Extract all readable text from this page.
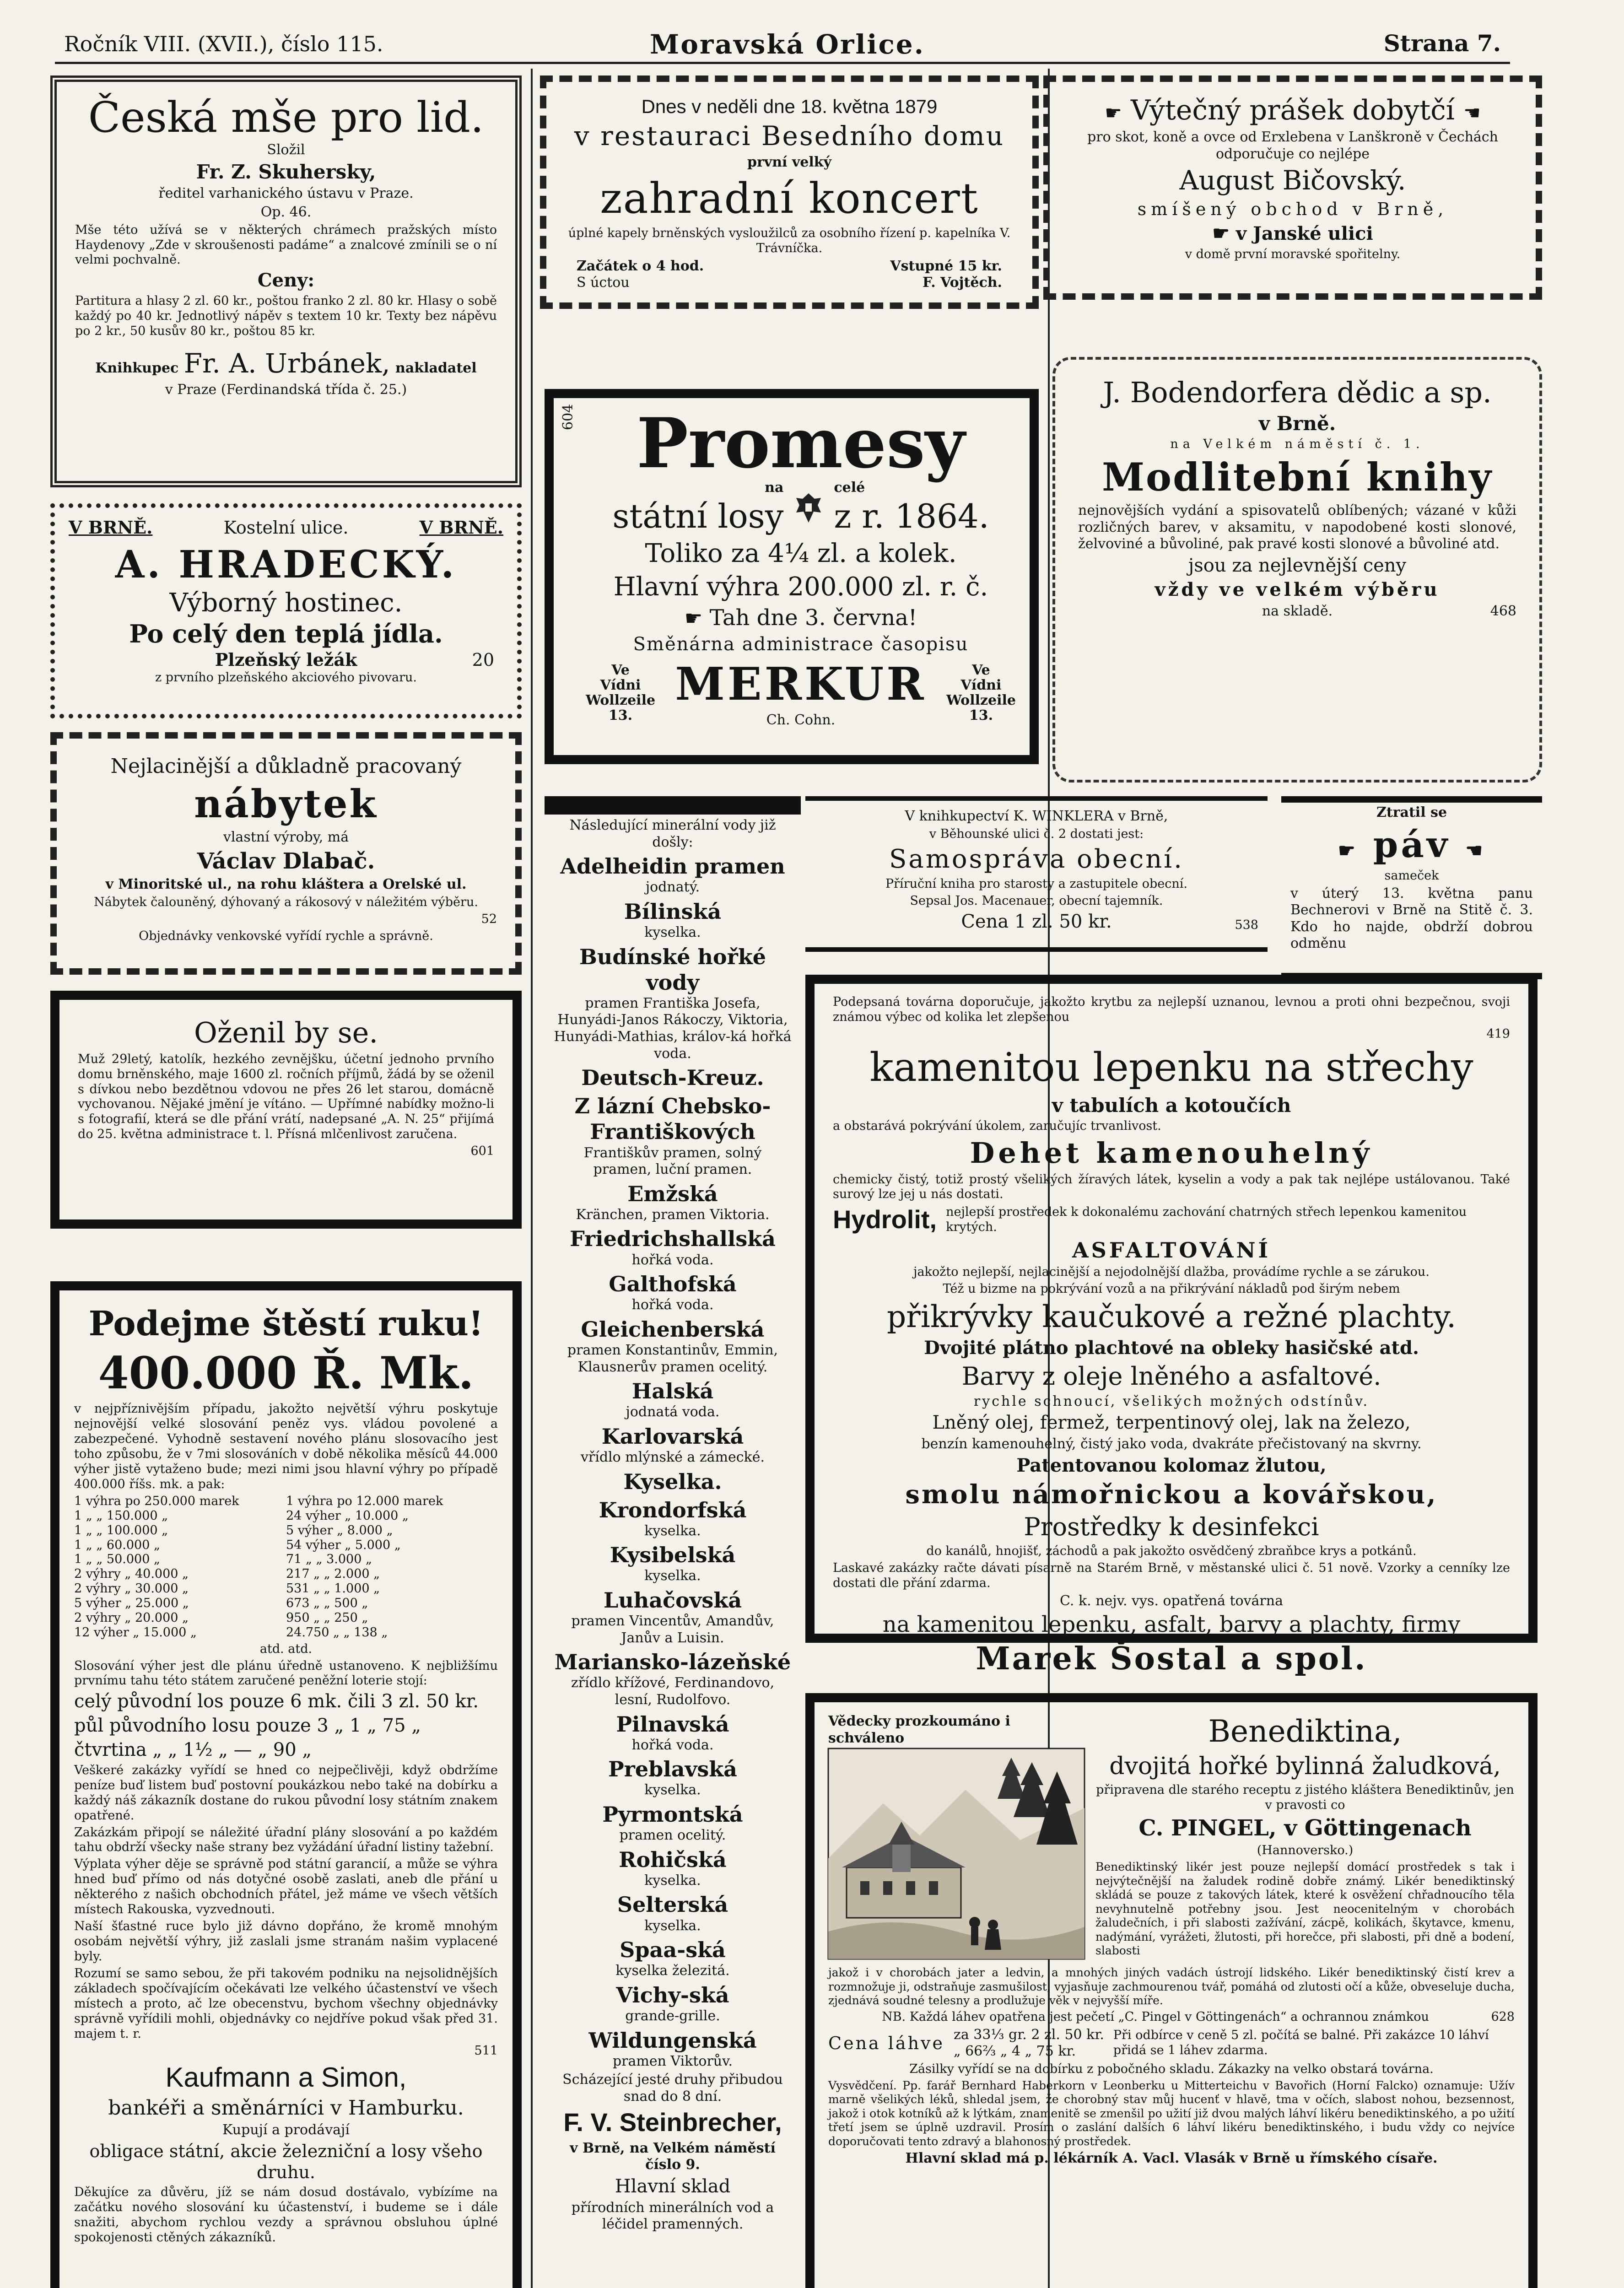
Ročník VIII. (XVII.), číslo 115.	Moravská Orlice.	Strana 7.
Česká mše pro lid.

Složil

Fr. Z. Skuhersky,

ředitel varhanického ústavu v Praze.

Op. 46.

Mše této užívá se v některých chrámech pražských místo Haydenovy „Zde v skroušenosti padáme“ a znalcové zmínili se o ní velmi pochvalně.

Ceny:

Partitura a hlasy 2 zl. 60 kr., poštou franko 2 zl. 80 kr. Hlasy o sobě každý po 40 kr. Jednotlivý nápěv s textem 10 kr. Texty bez nápěvu po 2 kr., 50 kusův 80 kr., poštou 85 kr.

Knihkupec Fr. A. Urbánek, nakladatel

v Praze (Ferdinandská třída č. 25.)

V BRNĚ.	Kostelní ulice.	V BRNĚ.
A. HRADECKÝ.
Výborný hostinec.
Po celý den teplá jídla.
Plzeňský ležák	20
z prvního plzeňského akciového pivovaru.

Nejlacinější a důkladně pracovaný

nábytek

vlastní výroby, má

Václav Dlabač.

v Minoritské ul., na rohu kláštera a Orelské ul.

Nábytek čalouněný, dýhovaný a rákosový v náležitém výběru.

52

Objednávky venkovské vyřídí rychle a správně.

Oženil by se.

Muž 29letý, katolík, hezkého zevnějšku, účetní jednoho prvního domu brněnského, maje 1600 zl. ročních příjmů, žádá by se oženil s dívkou nebo bezdětnou vdovou ne přes 26 let starou, domácně vychovanou. Nějaké jmění je vítáno. — Upřímné nabídky možno-li s fotografií, která se dle přání vrátí, nadepsané „A. N. 25“ přijímá do 25. května administrace t. l. Přísná mlčenlivost zaručena.

601

Podejme štěstí ruku!

400.000 Ř. Mk.

v nejpříznivějším případu, jakožto největší výhru poskytuje nejnovější velké slosování peněz vys. vládou povolené a zabezpečené. Vyhodně sestavení nového plánu slosovacího jest toho způsobu, že v 7mi slosováních v době několika měsíců 44.000 výher jistě vytaženo bude; mezi nimi jsou hlavní výhry po případě 400.000 říšs. mk. a pak:

1 výhra po 250.000 marek	1 výhra po 12.000 marek
1 „ „ 150.000 „	24 výher „ 10.000 „
1 „ „ 100.000 „	5 výher „ 8.000 „
1 „ „ 60.000 „	54 výher „ 5.000 „
1 „ „ 50.000 „	71 „ „ 3.000 „
2 výhry „ 40.000 „	217 „ „ 2.000 „
2 výhry „ 30.000 „	531 „ „ 1.000 „
5 výher „ 25.000 „	673 „ „ 500 „
2 výhry „ 20.000 „	950 „ „ 250 „
12 výher „ 15.000 „	24.750 „ „ 138 „

atd. atd.

Slosování výher jest dle plánu úředně ustanoveno. K nejbližšímu prvnímu tahu této státem zaručené peněžní loterie stojí:

celý původní los pouze 6 mk. čili 3 zl. 50 kr.

půl původního losu pouze 3 „ 1 „ 75 „

čtvrtina „ „ 1½ „ — „ 90 „

Veškeré zakázky vyřídí se hned co nejpečlivěji, když obdržíme peníze buď listem buď postovní poukázkou nebo také na dobírku a každý náš zákazník dostane do rukou původní losy státním znakem opatřené.

Zakázkám připojí se náležité úřadní plány slosování a po každém tahu obdrží všecky naše strany bez vyžádání úřadní listiny tažební.

Výplata výher děje se správně pod státní garancií, a může se výhra hned buď přímo od nás dotyčné osobě zaslati, aneb dle přání u některého z našich obchodních přátel, jež máme ve všech větších místech Rakouska, vyzvednouti.

Naší šťastné ruce bylo již dávno dopřáno, že kromě mnohým osobám největší výhry, již zaslali jsme stranám našim vyplacené byly.

Rozumí se samo sebou, že při takovém podniku na nejsolidnějších základech spočívajícím očekávati lze velkého účastenství ve všech místech a proto, ač lze obecenstvu, bychom všechny objednávky správně vyřídili mohli, objednávky co nejdříve pokud však před 31. majem t. r.

511

Kaufmann a Simon,

bankéři a směnárníci v Hamburku.

Kupují a prodávají

obligace státní, akcie železniční a losy všeho druhu.

Děkujíce za důvěru, jíž se nám dosud dostávalo, vybízíme na začátku nového slosování ku účastenství, i budeme se i dále snažiti, abychom rychlou vezdy a správnou obsluhou úplné spokojenosti ctěných zákazníků.

Dnes v neděli dne 18. května 1879

v restauraci Besedního domu

první velký

zahradní koncert

úplné kapely brněnských vysloužilců za osobního řízení p. kapelníka V. Trávníčka.

Začátek o 4 hod.	Vstupné 15 kr.
S úctou	F. Vojtěch.
604 Promesy

na
státní losy
celé
z r. 1864.

Toliko za 4¼ zl. a kolek.

Hlavní výhra 200.000 zl. r. č.

☛ Tah dne 3. června!

Směnárna administrace časopisu

Ve
Vídni
Wollzeile
13.
MERKUR
Ch. Cohn.
Ve
Vídni
Wollzeile
13.

Následující minerální vody již došly:

Adelheidin pramen
jodnatý.
Bílinská
kyselka.
Budínské hořké vody
pramen Františka Josefa, Hunyádi-Janos Rákoczy, Viktoria, Hunyádi-Mathias, králov-ká hořká voda.
Deutsch-Kreuz.
Z lázní Chebsko-Františkových
Františkův pramen, solný pramen, luční pramen.
Emžská
Kränchen, pramen Viktoria.
Friedrichshallská
hořká voda.
Galthofská
hořká voda.
Gleichenberská
pramen Konstantinův, Emmin, Klausnerův pramen ocelitý.
Halská
jodnatá voda.
Karlovarská
vřídlo mlýnské a zámecké.
Kyselka.
Krondorfská
kyselka.
Kysibelská
kyselka.
Luhačovská
pramen Vincentův, Amandův, Janův a Luisin.
Mariansko-lázeňské
zřídlo křížové, Ferdinandovo, lesní, Rudolfovo.
Pilnavská
hořká voda.
Preblavská
kyselka.
Pyrmontská
pramen ocelitý.
Rohičská
kyselka.
Selterská
kyselka.
Spaa-ská
kyselka železitá.
Vichy-ská
grande-grille.
Wildungenská
pramen Viktorův.

Scházející jesté druhy přibudou snad do 8 dní.

F. V. Steinbrecher,

v Brně, na Velkém náměstí číslo 9.

Hlavní sklad

přírodních minerálních vod a léčidel pramenných.

☛ Výtečný prášek dobytčí ☚

pro skot, koně a ovce od Erxlebena v Lanškroně v Čechách odporučuje co nejlépe

August Bičovský.

smíšený obchod v Brně,

☛ v Janské ulici

v domě první moravské spořitelny.

J. Bodendorfera dědic a sp.

v Brně.

na Velkém náměstí č. 1.

Modlitební knihy

nejnovějších vydání a spisovatelů oblíbených; vázané v kůži rozličných barev, v aksamitu, v napodobené kosti slonové, želvoviné a bůvoliné, pak pravé kosti slonové a bůvoliné atd.

jsou za nejlevnější ceny

vždy ve velkém výběru

na skladě.	468

V knihkupectví K. WINKLERA v Brně,

v Běhounské ulici č. 2 dostati jest:

Samospráva obecní.

Příruční kniha pro starosty a zastupitele obecní.

Sepsal Jos. Macenauer, obecní tajemník.

Cena 1 zl. 50 kr.	538

Ztratil se

☛ páv ☚

sameček

v úterý 13. května panu Bechnerovi v Brně na Stitě č. 3. Kdo ho najde, obdrží dobrou odměnu

Podepsaná továrna doporučuje, jakožto krytbu za nejlepší uznanou, levnou a proti ohni bezpečnou, svoji známou výbec od kolika let zlepšenou

419

kamenitou lepenku na střechy

v tabulích a kotoučích

a obstarává pokrývání úkolem, zaručujíc trvanlivost.

Dehet kamenouhelný

chemicky čistý, totiž prostý všelikých žíravých látek, kyselin a vody a pak tak nejlépe ustálovanou. Také surový lze jej u nás dostati.

Hydrolit, nejlepší prostředek k dokonalému zachování chatrných střech lepenkou kamenitou krytých.

ASFALTOVÁNÍ

jakožto nejlepší, nejlacinější a nejodolnější dlažba, provádíme rychle a se zárukou.

Též u bizme na pokrývání vozů a na přikrývání nákladů pod širým nebem

přikrývky kaučukové a režné plachty.

Dvojité plátno plachtové na obleky hasičské atd.

Barvy z oleje lněného a asfaltové.

rychle schnoucí, všelikých možných odstínův.

Lněný olej, fermež, terpentinový olej, lak na železo,

benzín kamenouhelný, čistý jako voda, dvakráte přečistovaný na skvrny.

Patentovanou kolomaz žlutou,

smolu námořnickou a kovářskou,

Prostředky k desinfekci

do kanálů, hnojišť, záchodů a pak jakožto osvědčený zbraňbce krys a potkánů.

Laskavé zakázky račte dávati písarně na Starém Brně, v městanské ulici č. 51 nově. Vzorky a cenníky lze dostati dle přání zdarma.

C. k. nejv. vys. opatřená továrna

na kamenitou lepenku, asfalt, barvy a plachty, firmy

Marek Šostal a spol.

Vědecky prozkoumáno i schváleno	Benediktina,

dvojitá hořké bylinná žaludková,

připravena dle starého receptu z jistého kláštera Benediktinův, jen v pravosti co

C. PINGEL, v Göttingenach

(Hannoversko.)

Benediktinský likér jest pouze nejlepší domácí prostředek s tak i nejvýtečnější na žaludek rodině dobře známý. Likér benediktinský skládá se pouze z takových látek, které k osvěžení chřadnoucího těla nevyhnutelně potřebny jsou. Jest neocenitelným v chorobách žaludečních, i při slabosti zažívání, zácpě, kolikách, škytavce, kmenu, nadýmání, vyrážeti, žlutosti, při horečce, při slabosti, při dně a bodení, slabosti

jakož i v chorobách jater a ledvin, a mnohých jiných vadách ústrojí lidského. Likér benediktinský čistí krev a rozmnožuje ji, odstraňuje zasmušilost, vyjasňuje zachmourenou tvář, pomáhá od zlutosti očí a kůže, obveseluje ducha, zjednává soudné telesny a prodlužuje věk v nejvyšší míře.

NB. Každá láhev opatřena jest pečetí „C. Pingel v Göttingenách“ a ochrannou známkou	628

Cena láhve za 33⅓ gr. 2 zl. 50 kr.
„ 66⅔ „ 4 „ 75 kr.
Při odbírce v ceně 5 zl. počítá se balné. Při zakázce 10 láhví přidá se 1 láhev zdarma.

Zásilky vyřídí se na dobírku z pobočného skladu. Zákazky na velko obstará továrna.

Vysvědčení. Pp. farář Bernhard Haberkorn v Leonberku u Mitterteichu v Bavořich (Horní Falcko) oznamuje: Užív marně všelikých léků, shledal jsem, že chorobný stav můj hucenť v hlavě, tma v očích, slabost nohou, bezsennost, jakož i otok kotníků až k lýtkám, znamenitě se zmenšil po užití již dvou malých láhví likéru benediktinského, a po užití třetí jsem se úplně uzdravil. Prosím o zaslání dalších 6 láhví likéru benediktinského, i budu vždy co nejvíce doporučovati tento zdravý a blahonosný prostředek.

Hlavní sklad má p. lékárník A. Vacl. Vlasák v Brně u římského císaře.
